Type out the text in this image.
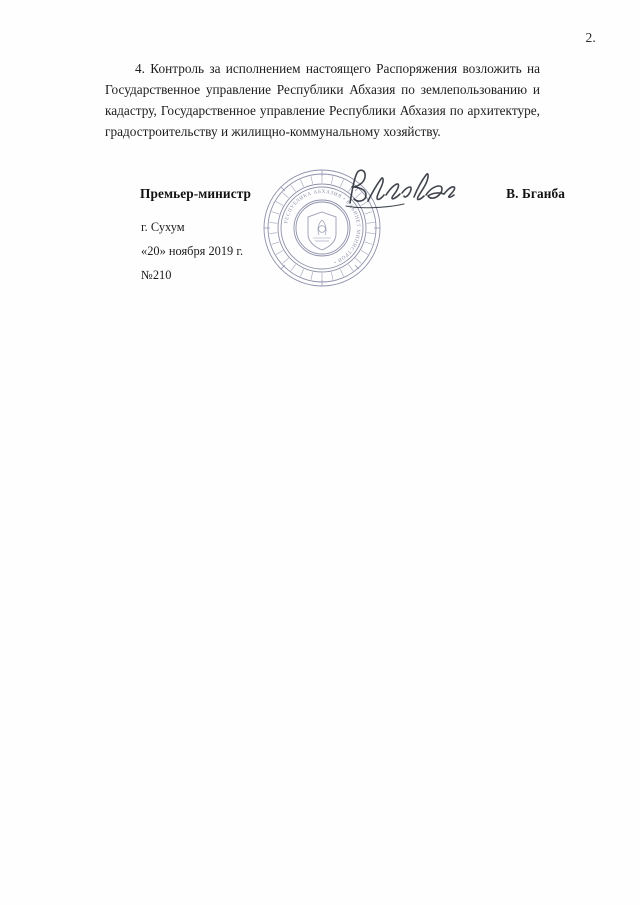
2.
4. Контроль за исполнением настоящего Распоряжения возложить на Государственное управление Республики Абхазия по землепользованию и кадастру, Государственное управление Республики Абхазия по архитектуре, градостроительству и жилищно-коммунальному хозяйству.
РЕСПУБЛИКА АБХАЗИЯ • КАБИНЕТ МИНИСТРОВ •
Премьер-министр	В. Бганба
г. Сухум
«20» ноября 2019 г.
№210
